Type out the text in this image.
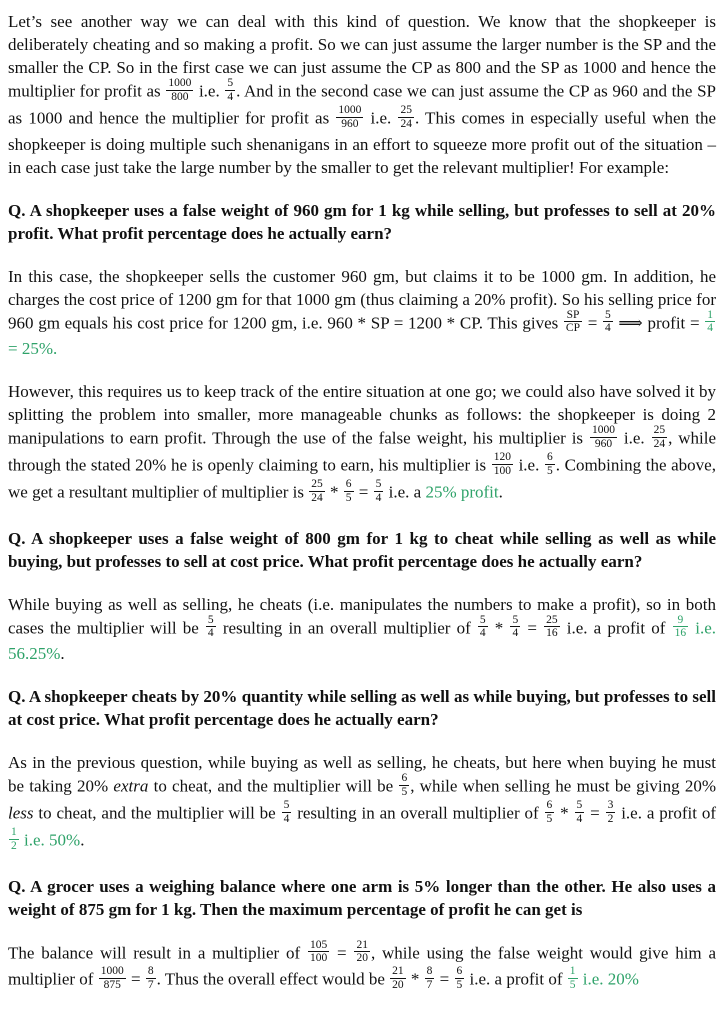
Let’s see another way we can deal with this kind of question. We know that the shopkeeper is deliberately cheating and so making a profit. So we can just assume the larger number is the SP and the smaller the CP. So in the first case we can just assume the CP as 800 and the SP as 1000 and hence the multiplier for profit as $\frac{1000}{800} i.e$. $\frac{5}{4}$ . And in the second case we can just assume the CP as 960 and the SP as 1000 and hence the multiplier for profit as $\frac{1000}{960} i.e$. $\frac{25}{24}$ . This comes in especially useful when the shopkeeper is doing multiple such shenanigans in an effort to squeeze more profit out of the situation – in each case just take the large number by the smaller to get the relevant multiplier! For example:

Q. A shopkeeper uses a false weight of 960 gm for 1 kg while selling, but professes to sell at 20% profit. What profit percentage does he actually earn?

In this case, the shopkeeper sells the customer 960 gm, but claims it to be 1000 gm. In addition, he charges the cost price of 1200 gm for that 1000 gm (thus claiming a 20% profit). So his selling price for 960 gm equals his cost price for 1200 gm, i.e. 960 * SP = 1200 * CP. This gives $\frac{SP}{CP} = \frac{5}{4}$ ⟹ profit = $\frac{1}{4}$
= 25%.

However, this requires us to keep track of the entire situation at one go; we could also have solved it by splitting the problem into smaller, more manageable chunks as follows: the shopkeeper is doing 2 manipulations to earn profit. Through the use of the false weight, his multiplier is $\frac{1000}{960} i.e$. $\frac{25}{24}$ , while through the stated 20% he is openly claiming to earn, his multiplier is $\frac{120}{100} i.e$. $\frac{6}{5}$ . Combining the above, we get a resultant multiplier of multiplier is $\frac{25}{24} * \frac{6}{5} = \frac{5}{4} i.e$. a 25% profit.

Q. A shopkeeper uses a false weight of 800 gm for 1 kg to cheat while selling as well as while buying, but professes to sell at cost price. What profit percentage does he actually earn?

While buying as well as selling, he cheats (i.e. manipulates the numbers to make a profit), so in both cases the multiplier will be $\frac{5}{4}$ resulting in an overall multiplier of $\frac{5}{4} * \frac{5}{4} = \frac{25}{16} i.e$. a profit of $\frac{9}{16} i.e$. 56.25%.

Q. A shopkeeper cheats by 20% quantity while selling as well as while buying, but professes to sell at cost price. What profit percentage does he actually earn?

As in the previous question, while buying as well as selling, he cheats, but here when buying he must be taking 20% extra to cheat, and the multiplier will be $\frac{6}{5}$ , while when selling he must be giving 20% less to cheat, and the multiplier will be $\frac{5}{4}$ resulting in an overall multiplier of $\frac{6}{5} * \frac{5}{4} = \frac{3}{2} i.e$. a profit of
$\frac{1}{2} i.e$. 50%.

Q. A grocer uses a weighing balance where one arm is 5% longer than the other. He also uses a weight of 875 gm for 1 kg. Then the maximum percentage of profit he can get is

The balance will result in a multiplier of $\frac{105}{100} = \frac{21}{20}$ , while using the false weight would give him a multiplier of $\frac{1000}{875} = \frac{8}{7}$ . Thus the overall effect would be $\frac{21}{20} * \frac{8}{7} = \frac{6}{5} i.e$. a profit of $\frac{1}{5} i.e$. 20%
